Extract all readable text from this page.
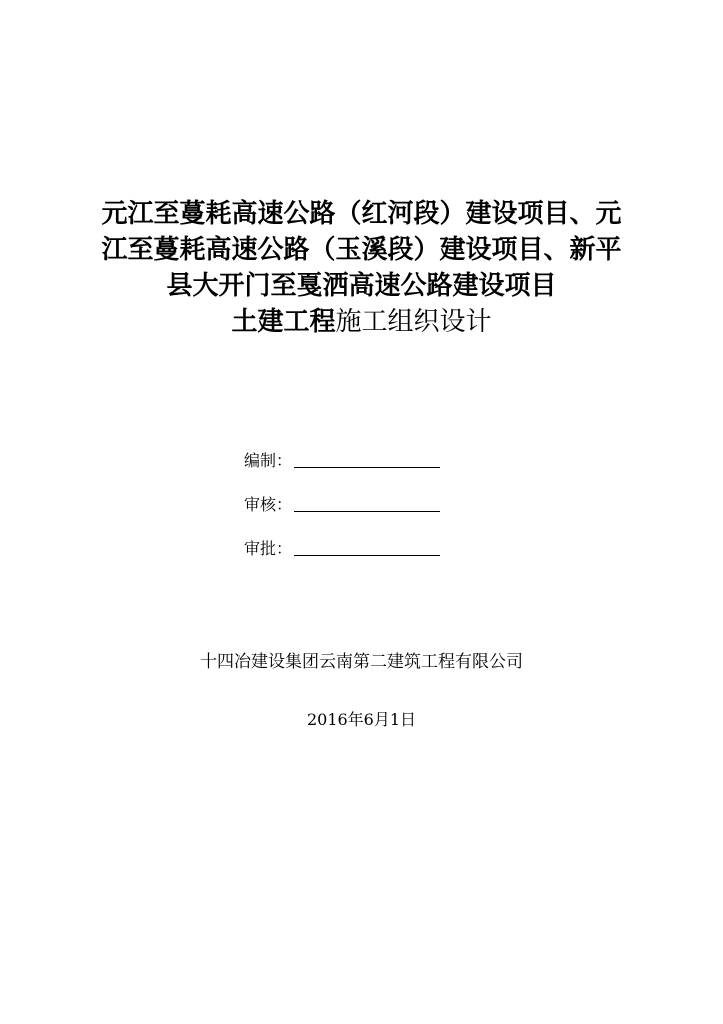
元江至蔓耗高速公路（红河段）建设项目、元
江至蔓耗高速公路（玉溪段）建设项目、新平
县大开门至戛洒高速公路建设项目
土建工程施工组织设计
编制：
审核：
审批：
十四冶建设集团云南第二建筑工程有限公司
2016年6月1日
